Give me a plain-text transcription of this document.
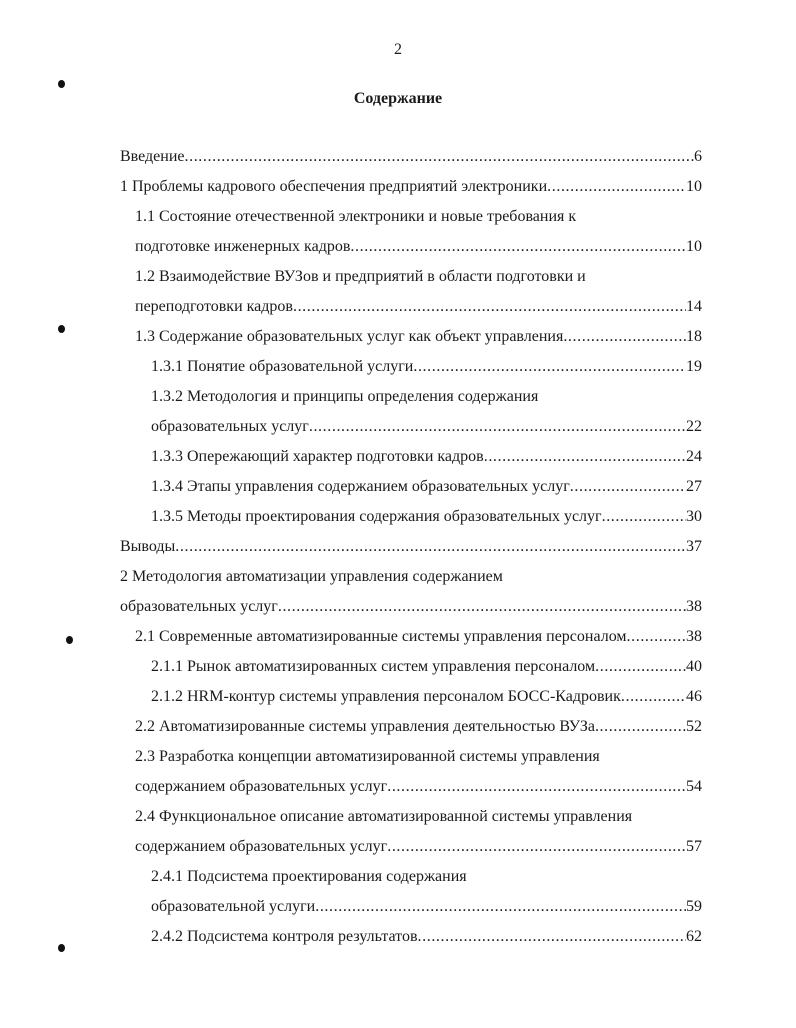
2
Содержание
Введение .....	6
1 Проблемы кадрового обеспечения предприятий электроники .....	10
1.1 Состояние отечественной электроники и новые требования к
подготовке инженерных кадров .....	10
1.2 Взаимодействие ВУЗов и предприятий в области подготовки и
переподготовки кадров .....	14
1.3 Содержание образовательных услуг как объект управления .....	18
1.3.1 Понятие образовательной услуги .....	19
1.3.2 Методология и принципы определения содержания
образовательных услуг .....	22
1.3.3 Опережающий характер подготовки кадров .....	24
1.3.4 Этапы управления содержанием образовательных услуг .....	27
1.3.5 Методы проектирования содержания образовательных услуг .....	30
Выводы .....	37
2 Методология автоматизации управления содержанием
образовательных услуг .....	38
2.1 Современные автоматизированные системы управления персоналом .....	38
2.1.1 Рынок автоматизированных систем управления персоналом .....	40
2.1.2 HRM-контур системы управления персоналом БОСС-Кадровик .....	46
2.2 Автоматизированные системы управления деятельностью ВУЗа .....	52
2.3 Разработка концепции автоматизированной системы управления
содержанием образовательных услуг .....	54
2.4 Функциональное описание автоматизированной системы управления
содержанием образовательных услуг .....	57
2.4.1 Подсистема проектирования содержания
образовательной услуги .....	59
2.4.2 Подсистема контроля результатов .....	62
